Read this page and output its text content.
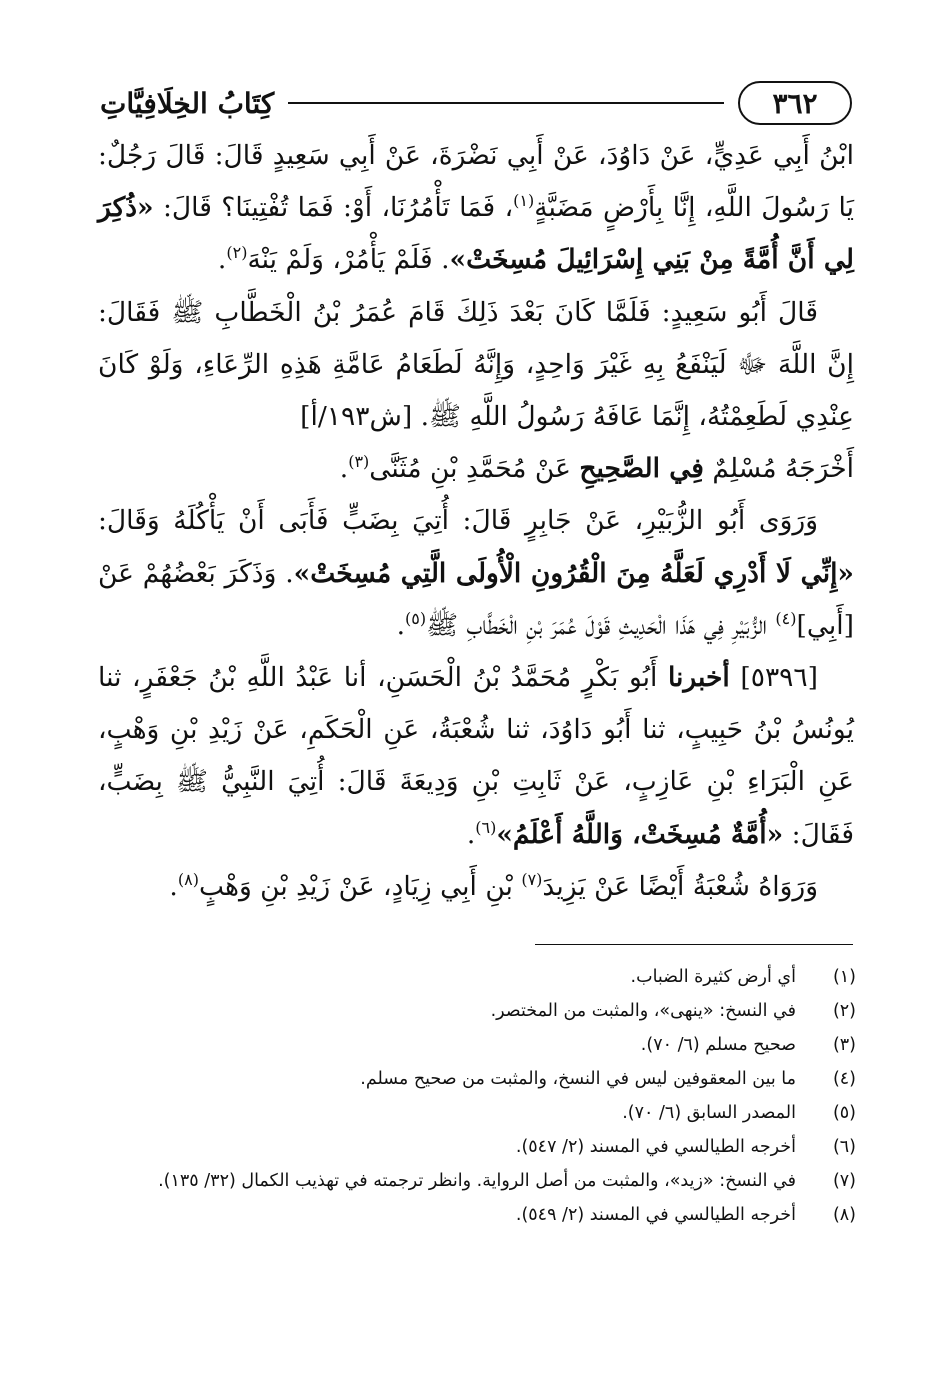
٣٦٢
كِتَابُ الخِلَافِيَّاتِ

ابْنُ أَبِي عَدِيٍّ، عَنْ دَاوُدَ، عَنْ أَبِي نَضْرَةَ، عَنْ أَبِي سَعِيدٍ قَالَ: قَالَ رَجُلٌ: يَا رَسُولَ اللَّهِ، إِنَّا بِأَرْضٍ مَضَبَّةٍ$^{(١)}$، فَمَا تَأْمُرُنَا، أَوْ: فَمَا تُفْتِينَا؟ قَالَ: «ذُكِرَ لِي أَنَّ أُمَّةً مِنْ بَنِي إِسْرَائِيلَ مُسِخَتْ». فَلَمْ يَأْمُرْ، وَلَمْ يَنْهَ$^{(٢)}$.

قَالَ أَبُو سَعِيدٍ: فَلَمَّا كَانَ بَعْدَ ذَلِكَ قَامَ عُمَرُ بْنُ الْخَطَّابِ ﷺ فَقَالَ: إِنَّ اللَّهَ ﷻ لَيَنْفَعُ بِهِ غَيْرَ وَاحِدٍ، وَإِنَّهُ لَطَعَامُ عَامَّةِ هَذِهِ الرِّعَاءِ، وَلَوْ كَانَ عِنْدِي لَطَعِمْتُهُ، إِنَّمَا عَافَهُ رَسُولُ اللَّهِ ﷺ. [ش١٩٣/أ]

أَخْرَجَهُ مُسْلِمٌ فِي الصَّحِيحِ عَنْ مُحَمَّدِ بْنِ مُثَنَّى$^{(٣)}$.

وَرَوَى أَبُو الزُّبَيْرِ، عَنْ جَابِرٍ قَالَ: أُتِيَ بِضَبٍّ فَأَبَى أَنْ يَأْكُلَهُ وَقَالَ: «إِنِّي لَا أَدْرِي لَعَلَّهُ مِنَ الْقُرُونِ الْأُولَى الَّتِي مُسِخَتْ». وَذَكَرَ بَعْضُهُمْ عَنْ [أَبِي]$^{(٤)}$ الزُّبَيْرِ فِي هَذَا الْحَدِيثِ قَوْلَ عُمَرَ بْنِ الْخَطَّابِ ﷺ$^{(٥)}$.

[٥٣٩٦] أخبرنا أَبُو بَكْرٍ مُحَمَّدُ بْنُ الْحَسَنِ، أنا عَبْدُ اللَّهِ بْنُ جَعْفَرٍ، ثنا يُونُسُ بْنُ حَبِيبٍ، ثنا أَبُو دَاوُدَ، ثنا شُعْبَةُ، عَنِ الْحَكَمِ، عَنْ زَيْدِ بْنِ وَهْبٍ، عَنِ الْبَرَاءِ بْنِ عَازِبٍ، عَنْ ثَابِتِ بْنِ وَدِيعَةَ قَالَ: أُتِيَ النَّبِيُّ ﷺ بِضَبٍّ، فَقَالَ: «أُمَّةٌ مُسِخَتْ، وَاللَّهُ أَعْلَمُ»$^{(٦)}$.

وَرَوَاهُ شُعْبَةُ أَيْضًا عَنْ يَزِيدَ$^{(٧)}$ بْنِ أَبِي زِيَادٍ، عَنْ زَيْدِ بْنِ وَهْبٍ$^{(٨)}$.

(١)
أي أرض كثيرة الضباب.
(٢)
في النسخ: «ينهى»، والمثبت من المختصر.
(٣)
صحيح مسلم (٦/ ٧٠).
(٤)
ما بين المعقوفين ليس في النسخ، والمثبت من صحيح مسلم.
(٥)
المصدر السابق (٦/ ٧٠).
(٦)
أخرجه الطيالسي في المسند (٢/ ٥٤٧).
(٧)
في النسخ: «زيد»، والمثبت من أصل الرواية. وانظر ترجمته في تهذيب الكمال (٣٢/ ١٣٥).
(٨)
أخرجه الطيالسي في المسند (٢/ ٥٤٩).
